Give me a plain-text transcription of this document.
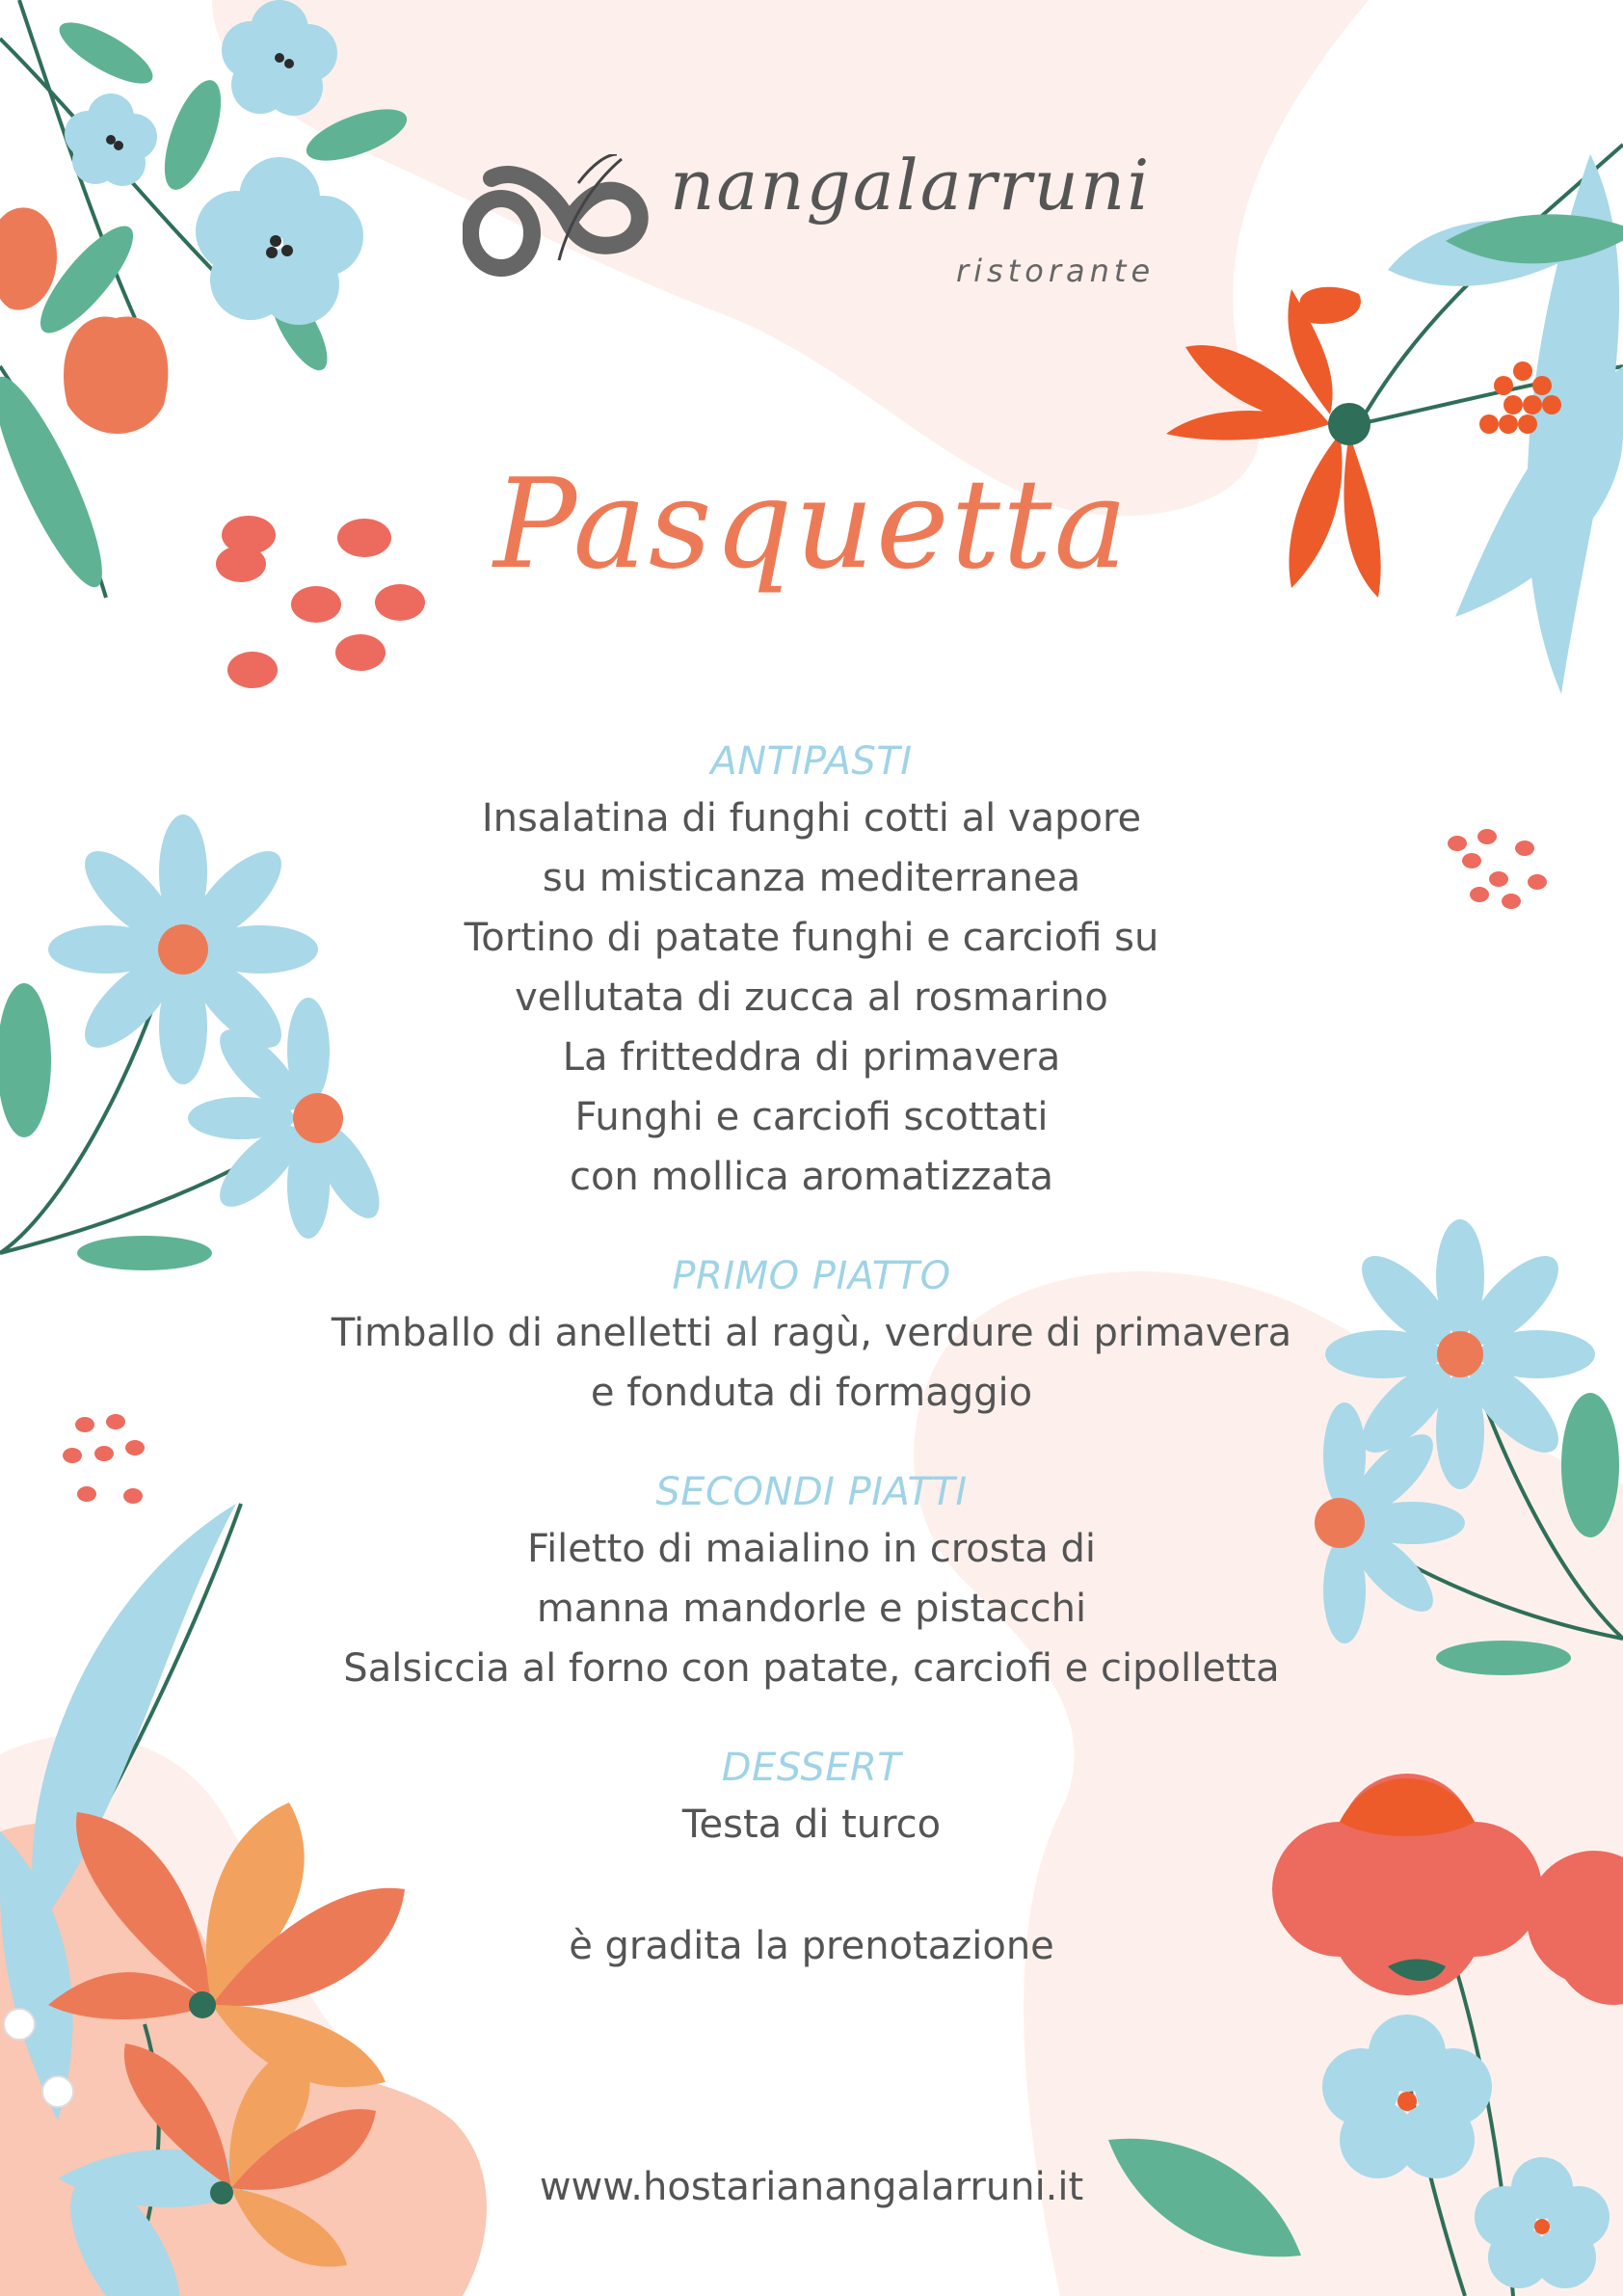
nangalarruni
ristorante
Pasquetta
ANTIPASTI
Insalatina di funghi cotti al vapore
su misticanza mediterranea
Tortino di patate funghi e carciofi su
vellutata di zucca al rosmarino
La fritteddra di primavera
Funghi e carciofi scottati
con mollica aromatizzata
PRIMO PIATTO
Timballo di anelletti al ragù, verdure di primavera
e fonduta di formaggio
SECONDI PIATTI
Filetto di maialino in crosta di
manna mandorle e pistacchi
Salsiccia al forno con patate, carciofi e cipolletta
DESSERT
Testa di turco
è gradita la prenotazione
www.hostarianangalarruni.it
